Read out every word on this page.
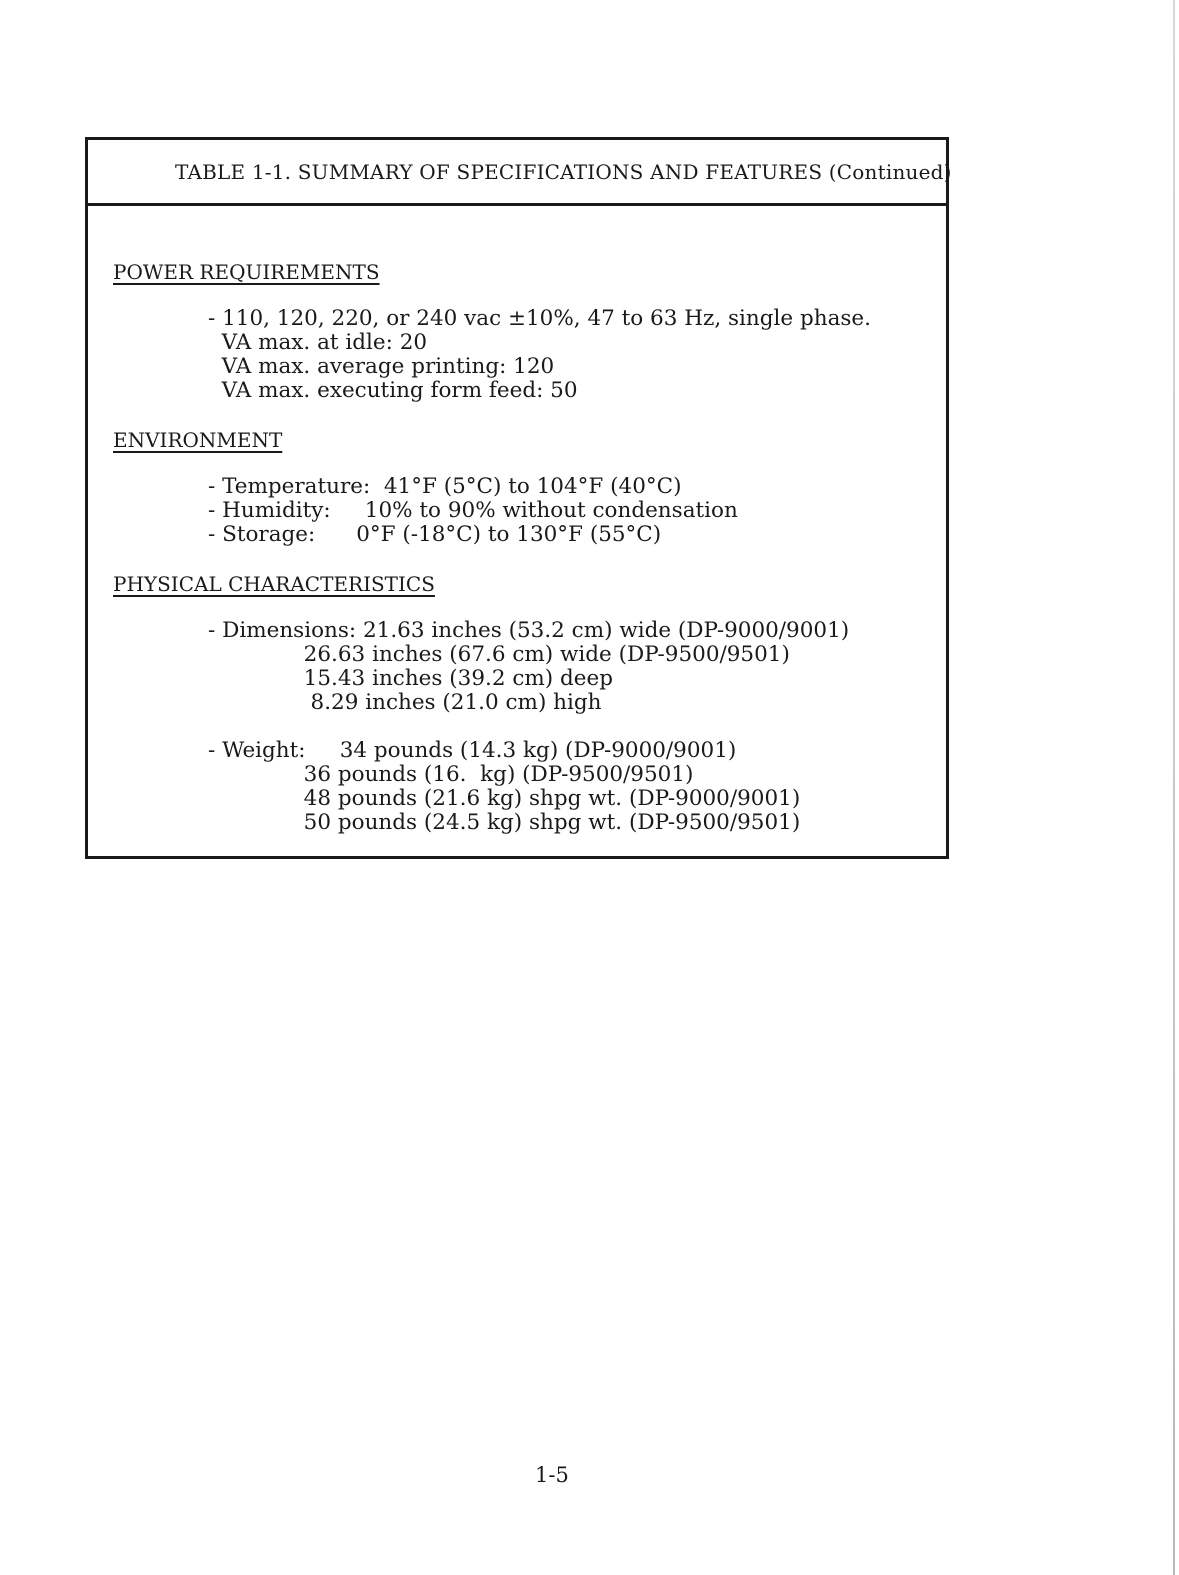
TABLE 1-1. SUMMARY OF SPECIFICATIONS AND FEATURES (Continued)
POWER REQUIREMENTS
- 110, 120, 220, or 240 vac ±10%, 47 to 63 Hz, single phase.
VA max. at idle: 20
VA max. average printing: 120
VA max. executing form feed: 50
ENVIRONMENT
- Temperature:  41°F (5°C) to 104°F (40°C)
- Humidity:     10% to 90% without condensation
- Storage:      0°F (-18°C) to 130°F (55°C)
PHYSICAL CHARACTERISTICS
- Dimensions: 21.63 inches (53.2 cm) wide (DP-9000/9001)
26.63 inches (67.6 cm) wide (DP-9500/9501)
15.43 inches (39.2 cm) deep
8.29 inches (21.0 cm) high
- Weight:     34 pounds (14.3 kg) (DP-9000/9001)
36 pounds (16.  kg) (DP-9500/9501)
48 pounds (21.6 kg) shpg wt. (DP-9000/9001)
50 pounds (24.5 kg) shpg wt. (DP-9500/9501)
1-5
